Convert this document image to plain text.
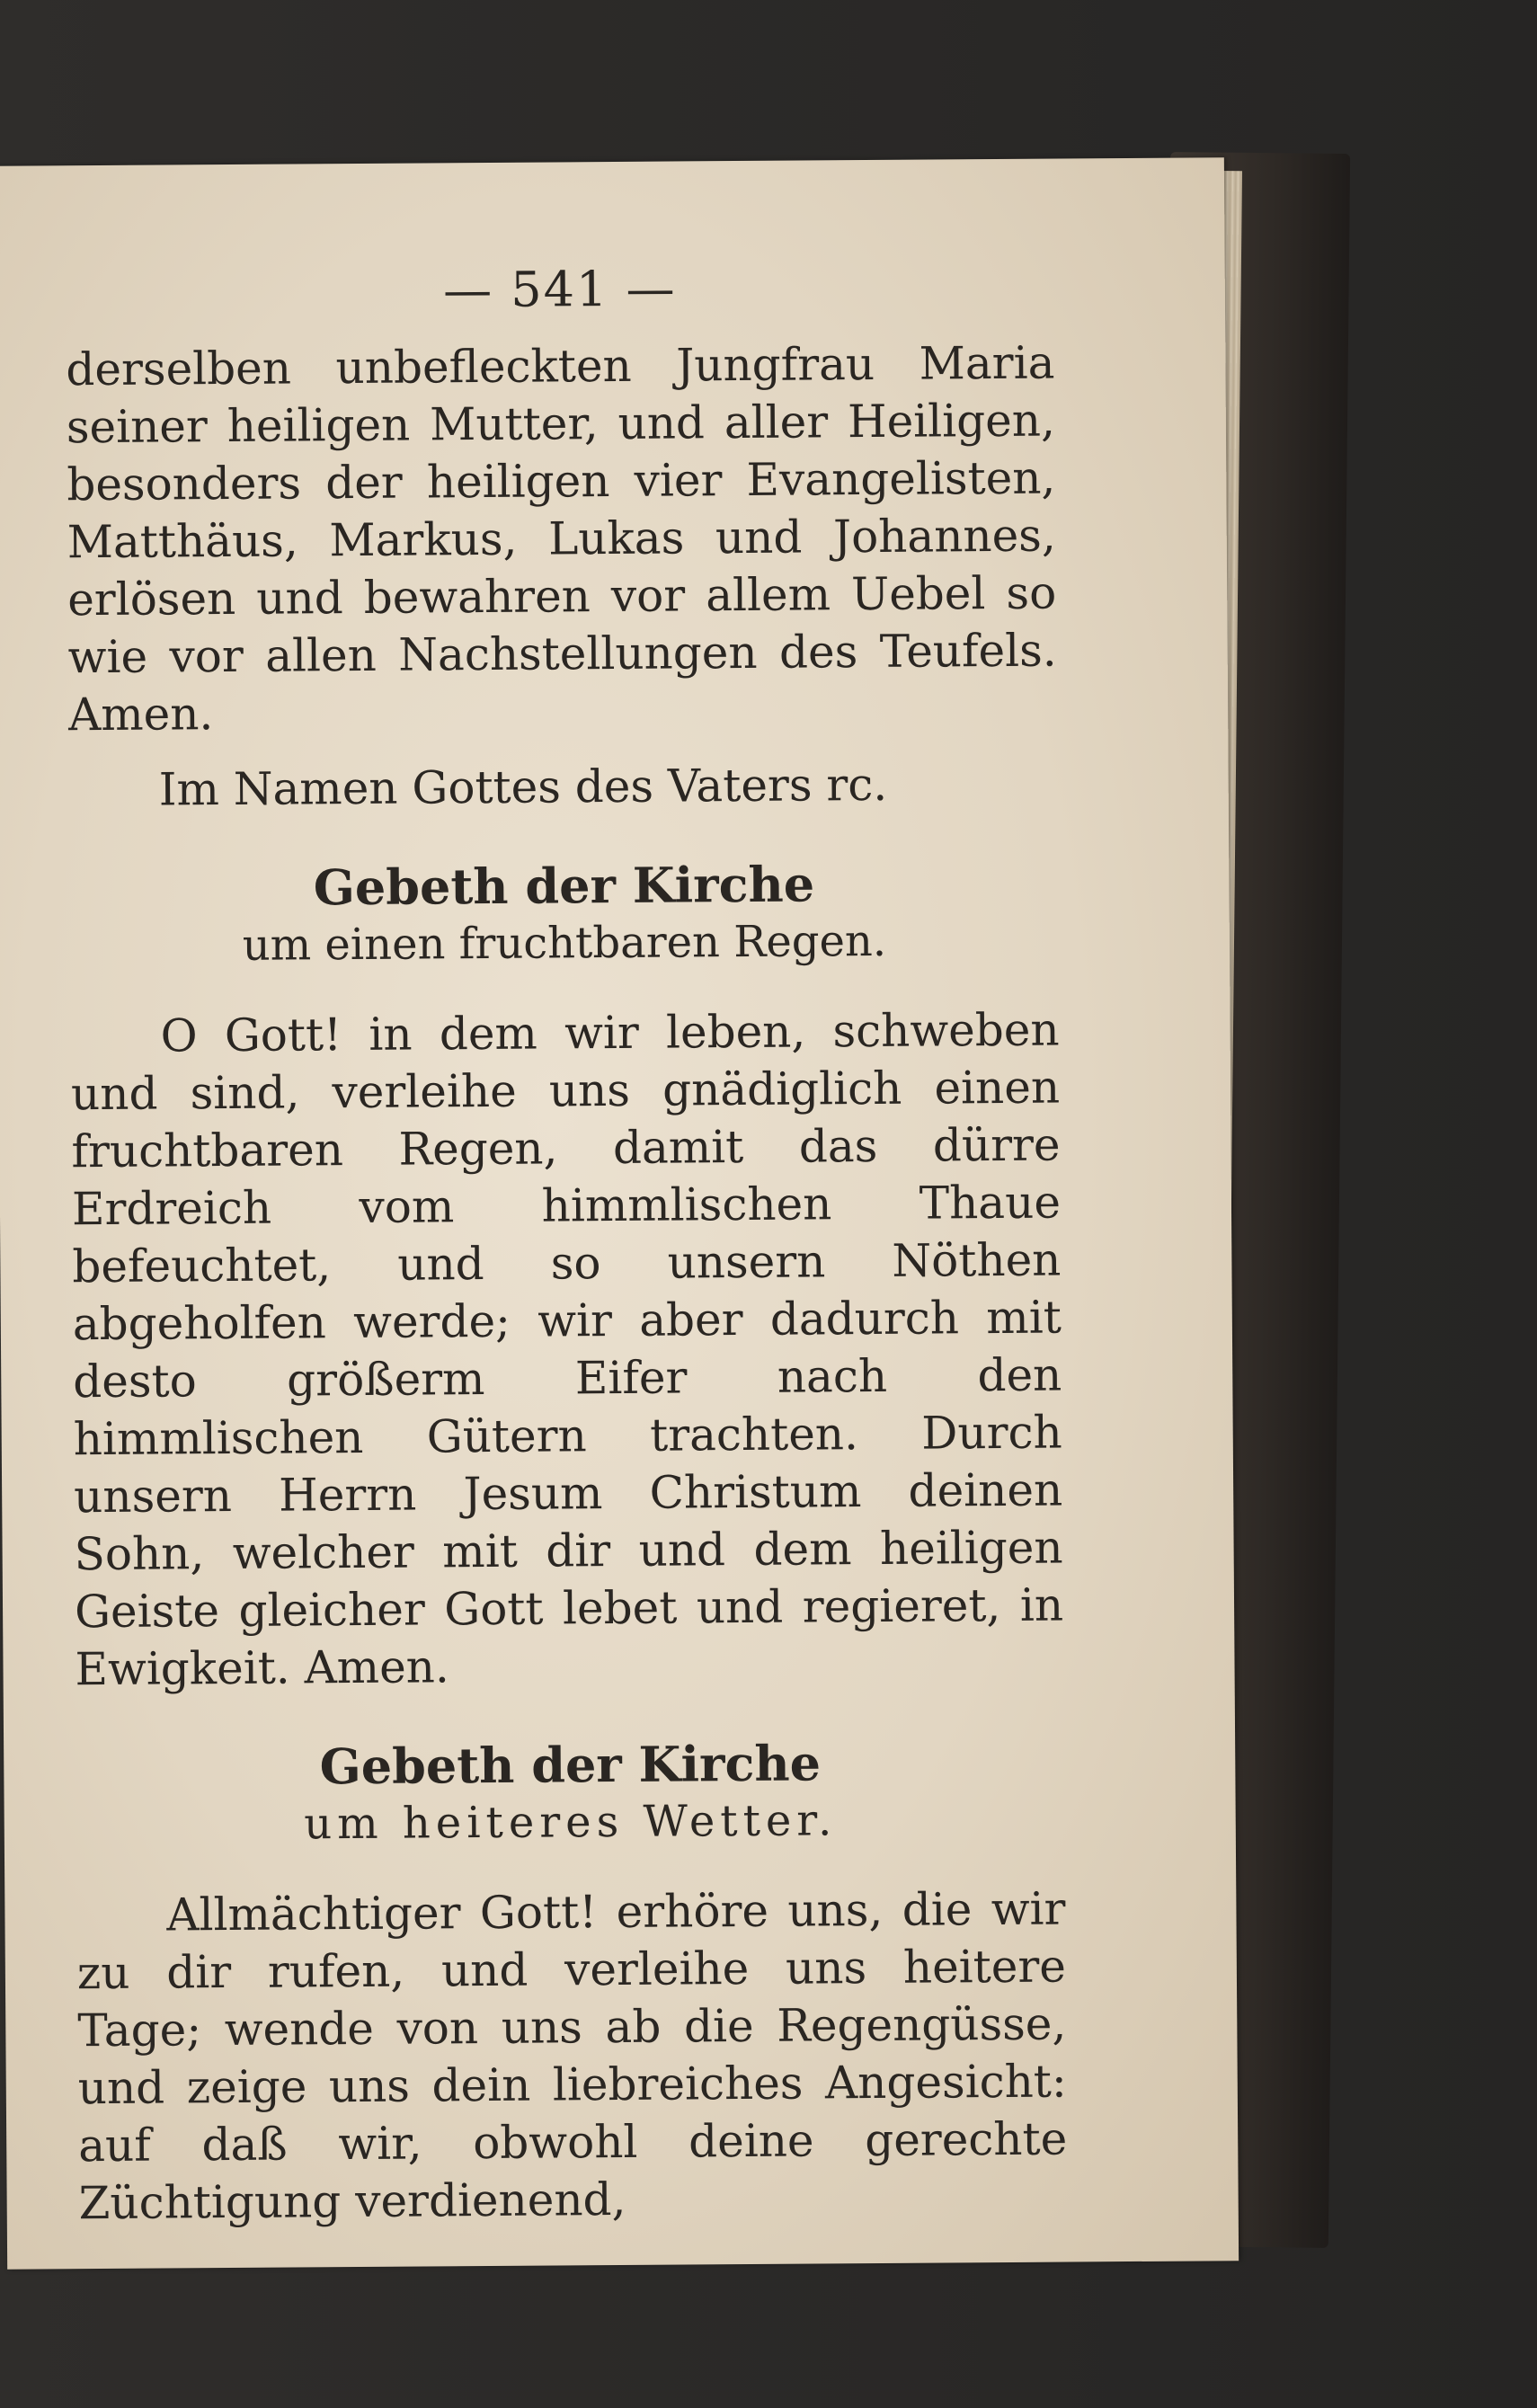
— 541 —

derselben unbefleckten Jungfrau Maria seiner heiligen Mutter, und aller Heiligen, besonders der heiligen vier Evangelisten, Matthäus, Markus, Lukas und Johannes, erlösen und bewahren vor allem Uebel so wie vor allen Nachstellungen des Teufels. Amen.

Im Namen Gottes des Vaters rc.

Gebeth der Kirche
um einen fruchtbaren Regen.

O Gott! in dem wir leben, schweben und sind, verleihe uns gnädiglich einen fruchtbaren Regen, damit das dürre Erdreich vom himmlischen Thaue befeuchtet, und so unsern Nöthen abgeholfen werde; wir aber dadurch mit desto größerm Eifer nach den himmlischen Gütern trachten. Durch unsern Herrn Jesum Christum deinen Sohn, welcher mit dir und dem heiligen Geiste gleicher Gott lebet und regieret, in Ewigkeit. Amen.

Gebeth der Kirche
um heiteres Wetter.

Allmächtiger Gott! erhöre uns, die wir zu dir rufen, und verleihe uns heitere Tage; wende von uns ab die Regengüsse, und zeige uns dein liebreiches Angesicht: auf daß wir, obwohl deine gerechte Züchtigung verdienend,
